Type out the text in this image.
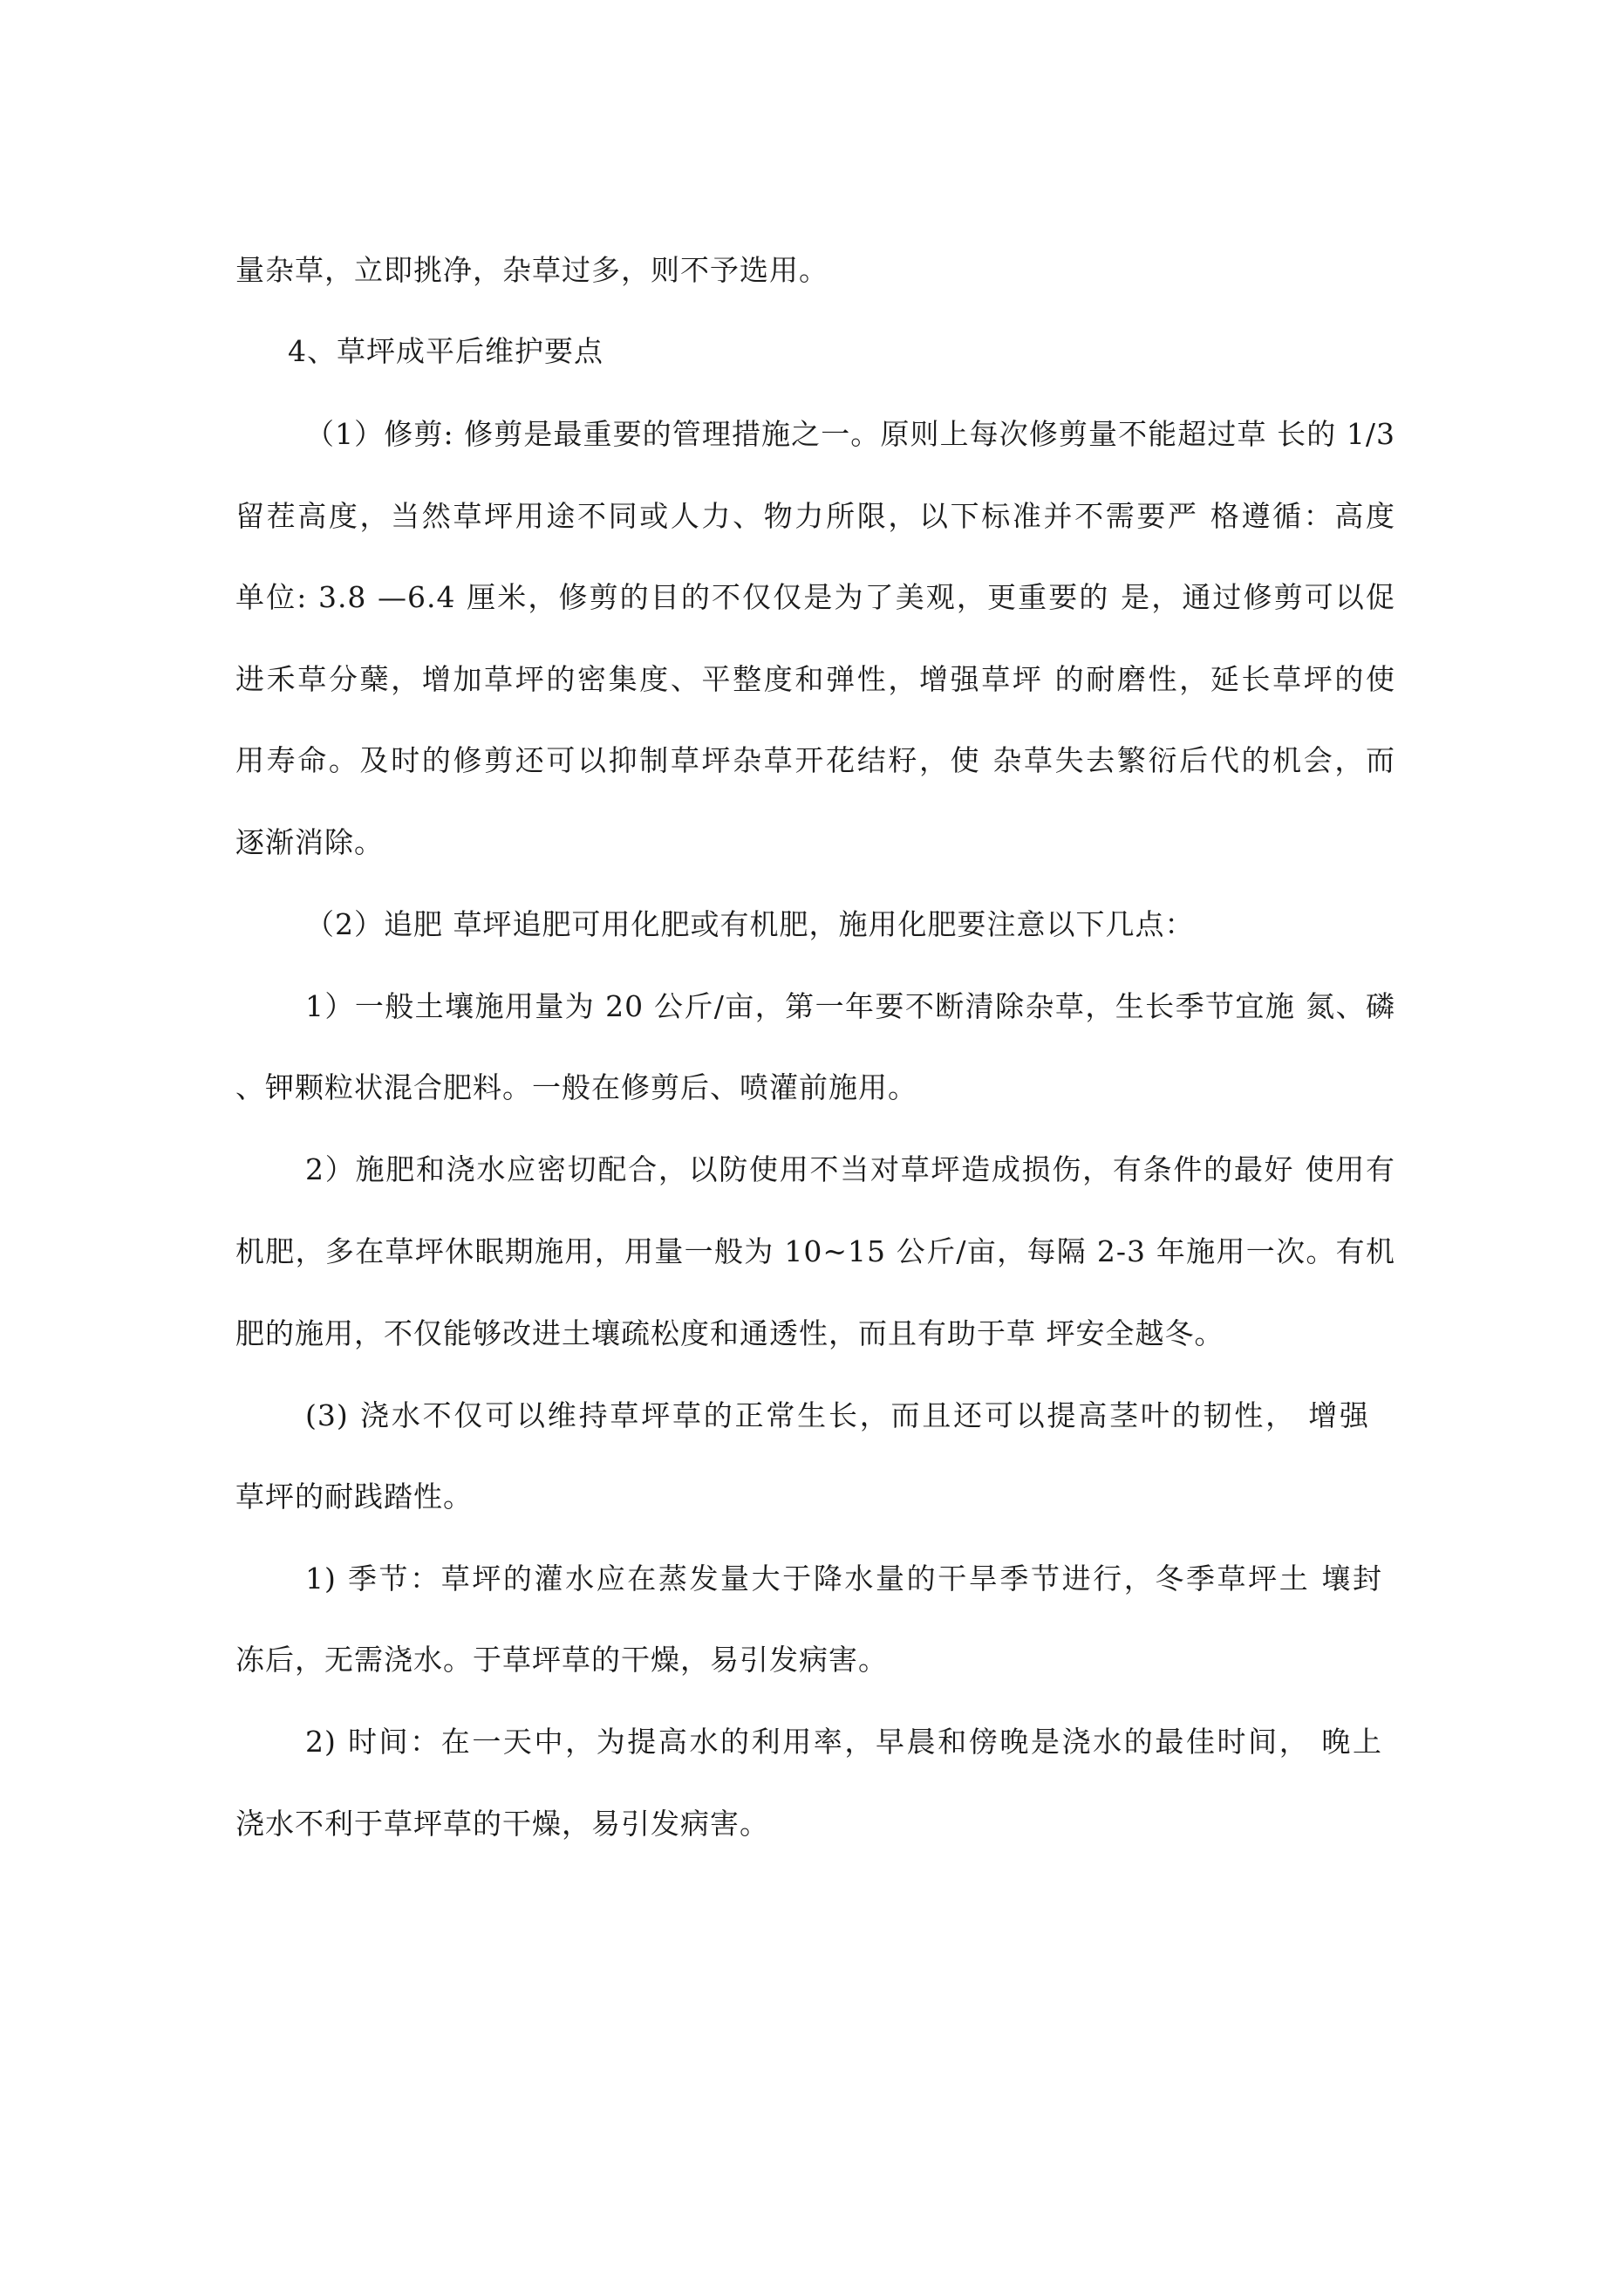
量杂草，立即挑净，杂草过多，则不予选用。
4、草坪成平后维护要点
（1）修剪: 修剪是最重要的管理措施之一。原则上每次修剪量不能超过草 长的 1/3
留茬高度，当然草坪用途不同或人力、物力所限，以下标准并不需要严 格遵循：高度
单位: 3.8 —6.4 厘米，修剪的目的不仅仅是为了美观，更重要的 是，通过修剪可以促
进禾草分蘖，增加草坪的密集度、平整度和弹性，增强草坪 的耐磨性，延长草坪的使
用寿命。及时的修剪还可以抑制草坪杂草开花结籽，使 杂草失去繁衍后代的机会，而
逐渐消除。
（2）追肥 草坪追肥可用化肥或有机肥，施用化肥要注意以下几点：
1）一般土壤施用量为 20 公斤/亩，第一年要不断清除杂草，生长季节宜施 氮、磷
、钾颗粒状混合肥料。一般在修剪后、喷灌前施用。
2）施肥和浇水应密切配合，以防使用不当对草坪造成损伤，有条件的最好 使用有
机肥，多在草坪休眠期施用，用量一般为 10~15 公斤/亩，每隔 2-3 年施用一次。有机
肥的施用，不仅能够改进土壤疏松度和通透性，而且有助于草 坪安全越冬。
(3) 浇水不仅可以维持草坪草的正常生长，而且还可以提高茎叶的韧性， 增强
草坪的耐践踏性。
1) 季节：草坪的灌水应在蒸发量大于降水量的干旱季节进行，冬季草坪土 壤封
冻后，无需浇水。于草坪草的干燥，易引发病害。
2) 时间：在一天中，为提高水的利用率，早晨和傍晚是浇水的最佳时间， 晚上
浇水不利于草坪草的干燥，易引发病害。
